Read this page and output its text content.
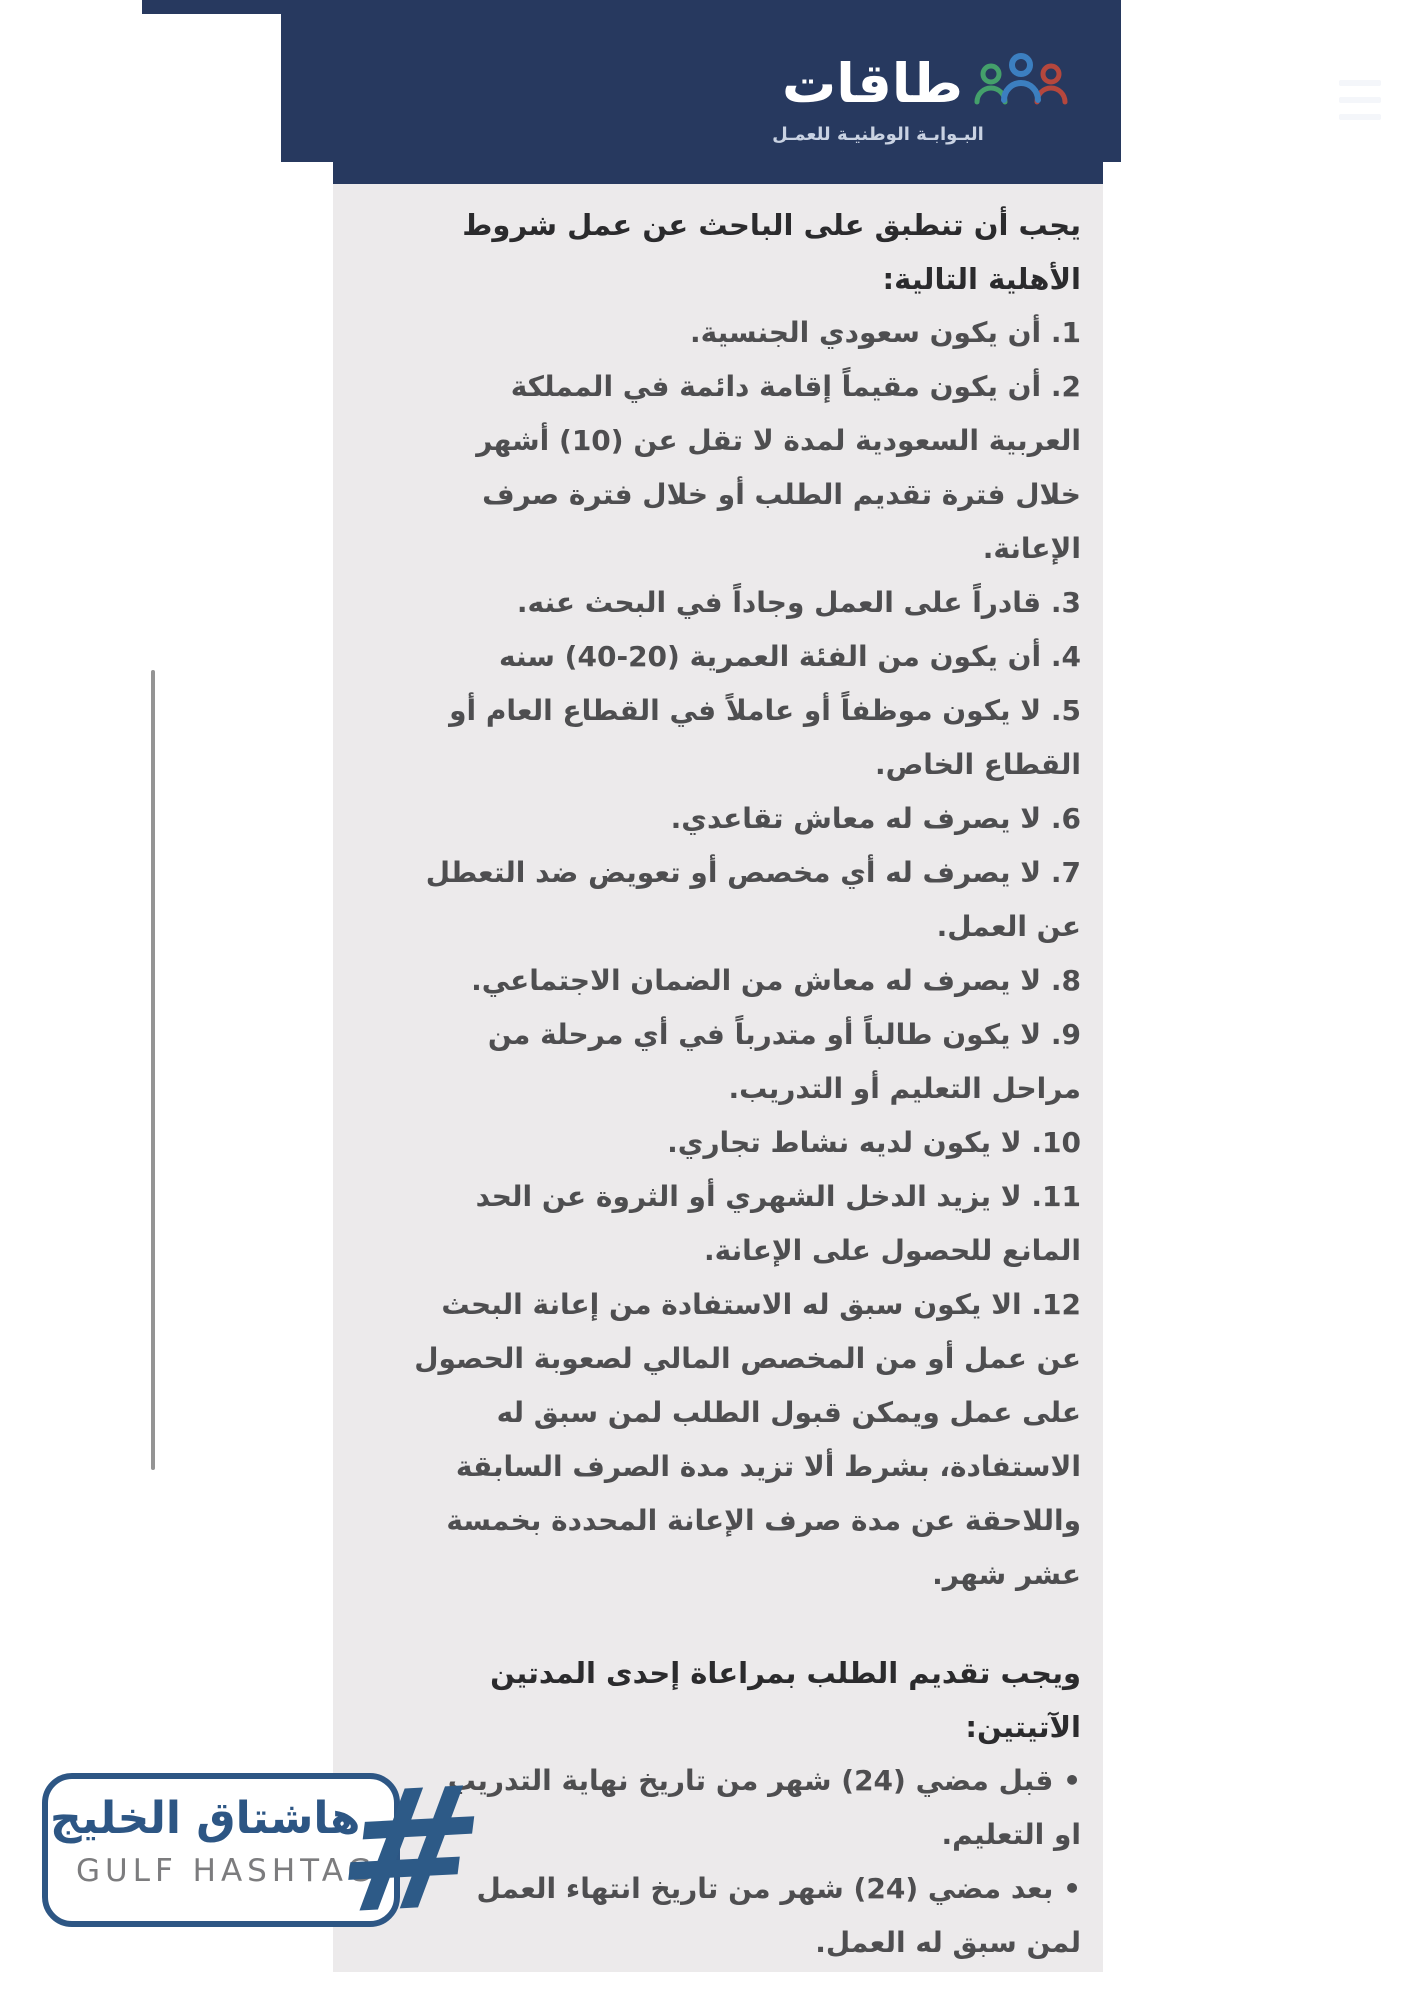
طاقات
البـوابـة الوطنيـة للعمـل
يجب أن تنطبق على الباحث عن عمل شروط
الأهلية التالية:
1. أن يكون سعودي الجنسية.
2. أن يكون مقيماً إقامة دائمة في المملكة
العربية السعودية لمدة لا تقل عن (10) أشهر
خلال فترة تقديم الطلب أو خلال فترة صرف
الإعانة.
3. قادراً على العمل وجاداً في البحث عنه.
4. أن يكون من الفئة العمرية (20-40) سنه
5. لا يكون موظفاً أو عاملاً في القطاع العام أو
القطاع الخاص.
6. لا يصرف له معاش تقاعدي.
7. لا يصرف له أي مخصص أو تعويض ضد التعطل
عن العمل.
8. لا يصرف له معاش من الضمان الاجتماعي.
9. لا يكون طالباً أو متدرباً في أي مرحلة من
مراحل التعليم أو التدريب.
10. لا يكون لديه نشاط تجاري.
11. لا يزيد الدخل الشهري أو الثروة عن الحد
المانع للحصول على الإعانة.
12. الا يكون سبق له الاستفادة من إعانة البحث
عن عمل أو من المخصص المالي لصعوبة الحصول
على عمل ويمكن قبول الطلب لمن سبق له
الاستفادة، بشرط ألا تزيد مدة الصرف السابقة
واللاحقة عن مدة صرف الإعانة المحددة بخمسة
عشر شهر.
ويجب تقديم الطلب بمراعاة إحدى المدتين
الآتيتين:
• قبل مضي (24) شهر من تاريخ نهاية التدريب
او التعليم.
• بعد مضي (24) شهر من تاريخ انتهاء العمل
لمن سبق له العمل.
هاشتاق الخليج
GULF HASHTAG
#
